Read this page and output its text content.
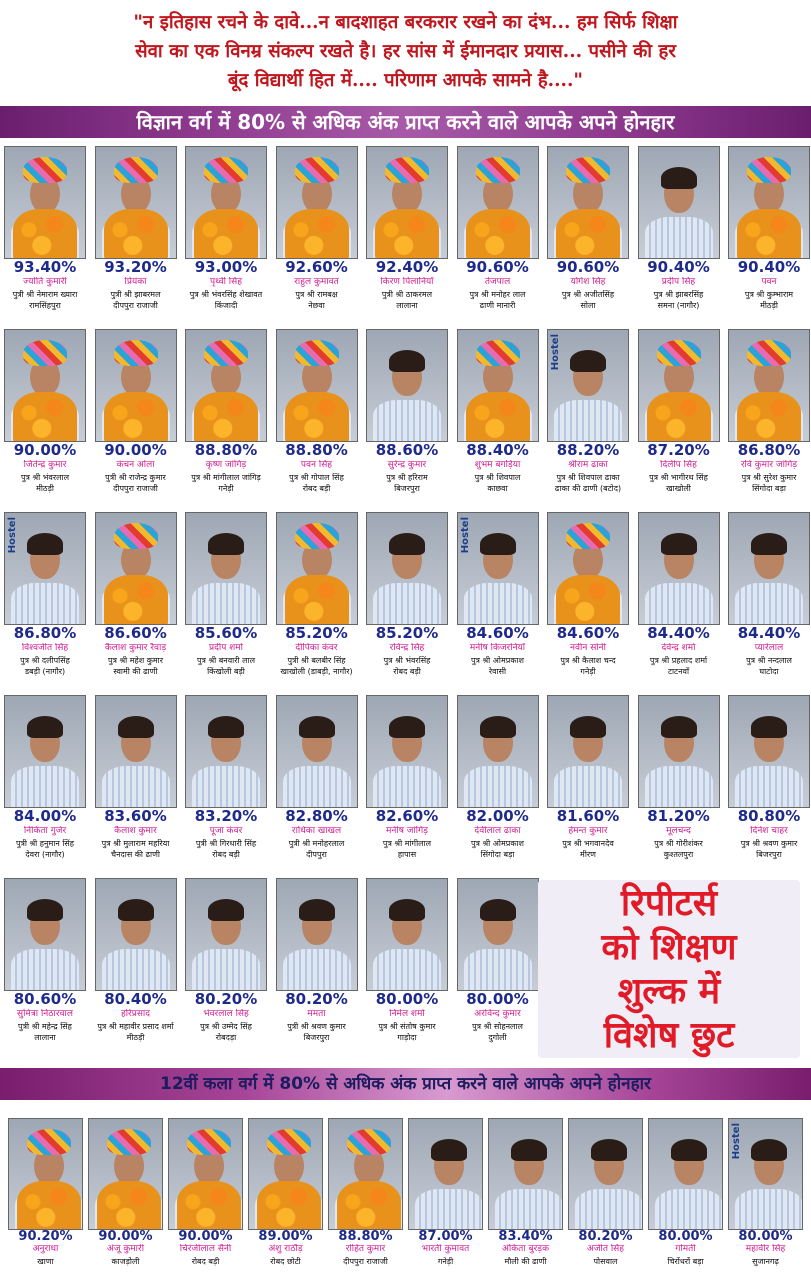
"न इतिहास रचने के दावे...न बादशाहत बरकरार रखने का दंभ... हम सिर्फ शिक्षा
सेवा का एक विनम्र संकल्प रखते है। हर सांस में ईमानदार प्रयास... पसीने की हर
बूंद विद्यार्थी हित में.... परिणाम आपके सामने है...."
विज्ञान वर्ग में 80% से अधिक अंक प्राप्त करने वाले आपके अपने होनहार
93.40%
ज्योति कुमारी
पुत्री श्री नेमाराम ख्यारा
रामसिंहपुरा
93.20%
प्रियंका
पुत्री श्री झाबरमल
दीपपुरा राजाजी
93.00%
पृथ्वी सिंह
पुत्र श्री भंवरसिंह शेखावत
किंजादी
92.60%
राहुल कुमावत
पुत्र श्री रामबक्ष
नेछवा
92.40%
किरण पिलानियाँ
पुत्री श्री ठाकरमल
लालाना
90.60%
तेजपाल
पुत्र श्री मनोहर लाल
ढाणी मानारी
90.60%
योगेश सिंह
पुत्र श्री अजीतसिंह
सोला
90.40%
प्रदीप सिंह
पुत्र श्री झाबरसिंह
समना (नागौर)
90.40%
पवन
पुत्र श्री कुम्भाराम
मीठड़ी
90.00%
जितेन्द्र कुमार
पुत्र श्री भंवरलाल
मीठड़ी
90.00%
कंचन ओला
पुत्री श्री राजेन्द्र कुमार
दीपपुरा राजाजी
88.80%
कृष्ण जांगिड़
पुत्र श्री मांगीलाल जांगिड़
गनेड़ी
88.80%
पवन सिंह
पुत्र श्री गोपाल सिंह
रोबद बड़ी
88.60%
सुरेन्द्र कुमार
पुत्र श्री हरिराम
बिजरपुरा
88.40%
शुभम बगड़िया
पुत्र श्री शिवपाल
काछवा
Hostel
88.20%
श्रीराम ढाका
पुत्र श्री शिवपाल ढाका
ढाका की ढाणी (बटोद)
87.20%
दिलीप सिंह
पुत्र श्री भागीरथ सिंह
खाखोली
86.80%
रवि कुमार जांगिड़
पुत्र श्री सुरेश कुमार
सिंगोदा बड़ा
Hostel
86.80%
विश्वजीत सिंह
पुत्र श्री दलीपसिंह
डबड़ी (नागौर)
86.60%
कैलाश कुमार रैवाड़
पुत्र श्री महेश कुमार
स्वामी की ढाणी
85.60%
प्रदीप शर्मा
पुत्र श्री बनवारी लाल
किंखोली बड़ी
85.20%
दीपिका कंवर
पुत्री श्री बलबीर सिंह
खाखोली (डाबड़ी, नागौर)
85.20%
रविन्द्र सिंह
पुत्र श्री भंवरसिंह
रोबद बड़ी
Hostel
84.60%
मनीष किजरनियाँ
पुत्र श्री ओमप्रकाश
रेवासी
84.60%
नवीन सोनी
पुत्र श्री कैलाश चन्द
गनेड़ी
84.40%
देवेन्द्र शर्मा
पुत्र श्री प्रहलाद शर्मा
टाटनवाँ
84.40%
प्यारेलाल
पुत्र श्री नन्दलाल
घाटोदा
84.00%
निकिता गुर्जर
पुत्री श्री हनुमान सिंह
देवरा (नागौर)
83.60%
कैलाश कुमार
पुत्र श्री मुलाराम महरिया
चैनदास की ढाणी
83.20%
पूजा कंवर
पुत्री श्री गिरधारी सिंह
रोबद बड़ी
82.80%
राधिका खाखल
पुत्री श्री मनोहरलाल
दीपपुरा
82.60%
मनीष जांगिड़
पुत्र श्री मांगीलाल
हापास
82.00%
देवीलाल ढाका
पुत्र श्री ओमप्रकाश
सिंगोदा बड़ा
81.60%
हेमन्त कुमार
पुत्र श्री भगवानदेव
मीरण
81.20%
मूलचन्द
पुत्र श्री गोरीशंकर
कुश्तलपुरा
80.80%
दिनेश चाहर
पुत्र श्री श्रवण कुमार
बिजरपुरा
80.60%
सुमित्रा निठारवाल
पुत्री श्री महेन्द्र सिंह
लालाना
80.40%
हरिप्रसाद
पुत्र श्री महावीर प्रसाद शर्मा
मीठड़ी
80.20%
भंवरलाल सिंह
पुत्र श्री उम्मेद सिंह
रोबदड़ा
80.20%
ममता
पुत्री श्री श्रवण कुमार
बिजरपुरा
80.00%
निर्मल शर्मा
पुत्र श्री संतोष कुमार
गाड़ोदा
80.00%
अरविन्द कुमार
पुत्र श्री सोहनलाल
दुगोली
रिपीटर्स
को शिक्षण
शुल्क में
विशेष छुट
12वीं कला वर्ग में 80% से अधिक अंक प्राप्त करने वाले आपके अपने होनहार
90.20%
अनुराधा
खाणा
90.00%
अंजू कुमारी
काजड़ोली
90.00%
चिरंजीलाल सैनी
रोबद बड़ी
89.00%
अंशु राठौड़
रोबद छोटी
88.80%
रोहित कुमार
दीपपुरा राजाजी
87.00%
भारती कुमावत
गनेड़ी
83.40%
अंकिता बुरड़क
मौली की ढाणी
80.20%
अजीत सिंह
पोसवाल
80.00%
गोमती
चिरोंधरों बड़ा
Hostel
80.00%
महावीर सिंह
सुजानगढ़
